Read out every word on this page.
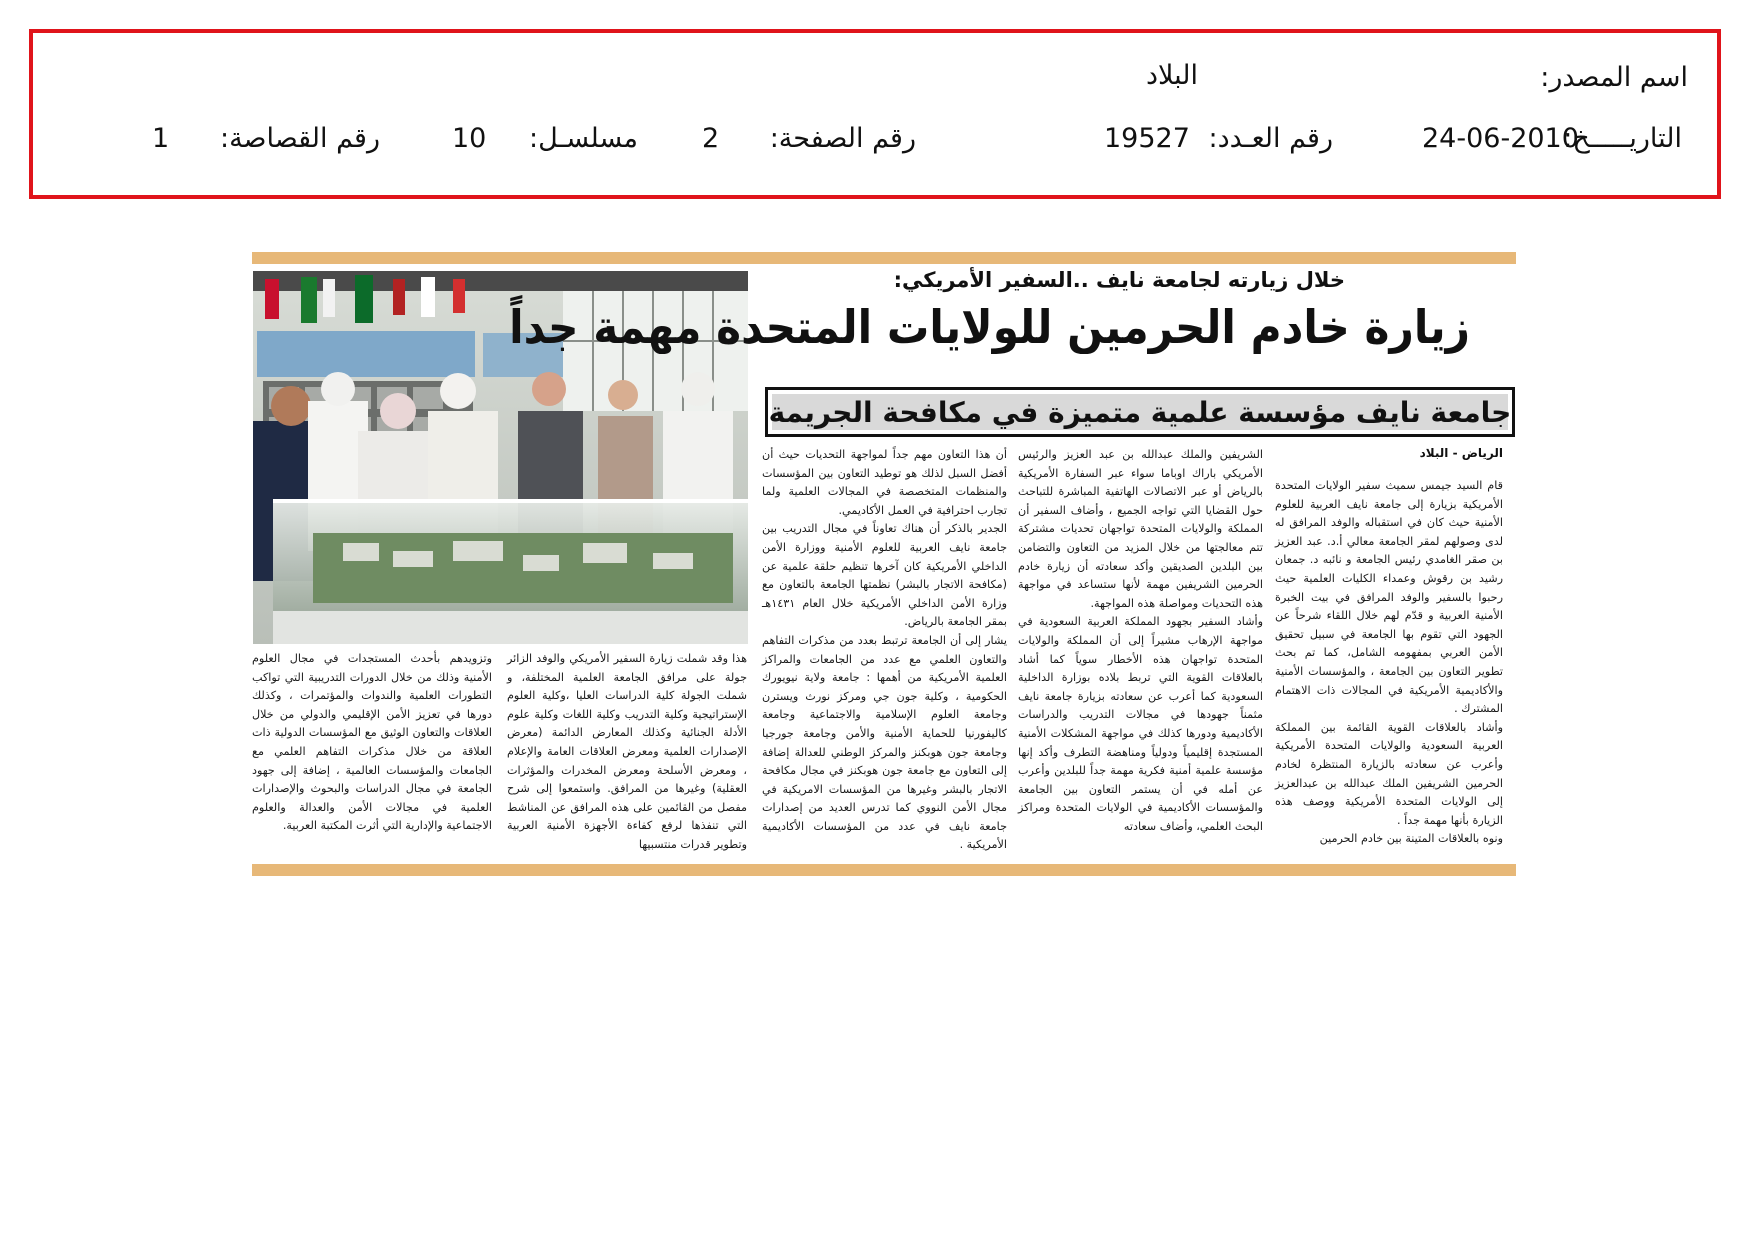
اسم المصدر:
البلاد
التاريـــــخ:
24-06-2010
رقم العـدد:
19527
رقم الصفحة:
2
مسلسـل:
10
رقم القصاصة:
1
خلال زيارته لجامعة نايف ..السفير الأمريكي:
زيارة خادم الحرمين للولايات المتحدة مهمة جداً
جامعة نايف مؤسسة علمية متميزة في مكافحة الجريمة
الرياض - البلاد

قام السيد جيمس سميث سفير الولايات المتحدة الأمريكية بزيارة إلى جامعة نايف العربية للعلوم الأمنية حيث كان في استقباله والوفد المرافق له لدى وصولهم لمقر الجامعة معالي أ.د. عبد العزيز بن صقر الغامدي رئيس الجامعة و نائبه د. جمعان رشيد بن رقوش وعمداء الكليات العلمية حيث رحبوا بالسفير والوفد المرافق في بيت الخبرة الأمنية العربية و قدّم لهم خلال اللقاء شرحاً عن الجهود التي تقوم بها الجامعة في سبيل تحقيق الأمن العربي بمفهومه الشامل، كما تم بحث تطوير التعاون بين الجامعة ، والمؤسسات الأمنية والأكاديمية الأمريكية في المجالات ذات الاهتمام المشترك .

وأشاد بالعلاقات القوية القائمة بين المملكة العربية السعودية والولايات المتحدة الأمريكية وأعرب عن سعادته بالزيارة المنتظرة لخادم الحرمين الشريفين الملك عبدالله بن عبدالعزيز إلى الولايات المتحدة الأمريكية ووصف هذه الزيارة بأنها مهمة جداً .

ونوه بالعلاقات المتينة بين خادم الحرمين

الشريفين والملك عبدالله بن عبد العزيز والرئيس الأمريكي باراك اوباما سواء عبر السفارة الأمريكية بالرياض أو عبر الاتصالات الهاتفية المباشرة للتباحث حول القضايا التي تواجه الجميع ، وأضاف السفير أن المملكة والولايات المتحدة تواجهان تحديات مشتركة تتم معالجتها من خلال المزيد من التعاون والتضامن بين البلدين الصديقين وأكد سعادته أن زيارة خادم الحرمين الشريفين مهمة لأنها ستساعد في مواجهة هذه التحديات ومواصلة هذه المواجهة.

وأشاد السفير بجهود المملكة العربية السعودية في مواجهة الإرهاب مشيراً إلى أن المملكة والولايات المتحدة تواجهان هذه الأخطار سوياً كما أشاد بالعلاقات القوية التي تربط بلاده بوزارة الداخلية السعودية كما أعرب عن سعادته بزيارة جامعة نايف مثمناً جهودها في مجالات التدريب والدراسات الأكاديمية ودورها كذلك في مواجهة المشكلات الأمنية المستجدة إقليمياً ودولياً ومناهضة التطرف وأكد إنها مؤسسة علمية أمنية فكرية مهمة جداً للبلدين وأعرب عن أمله في أن يستمر التعاون بين الجامعة والمؤسسات الأكاديمية في الولايات المتحدة ومراكز البحث العلمي، وأضاف سعادته

أن هذا التعاون مهم جداً لمواجهة التحديات حيث أن أفضل السبل لذلك هو توطيد التعاون بين المؤسسات والمنظمات المتخصصة في المجالات العلمية ولما تجارب احترافية في العمل الأكاديمي.

الجدير بالذكر أن هناك تعاوناً في مجال التدريب بين جامعة نايف العربية للعلوم الأمنية ووزارة الأمن الداخلي الأمريكية كان آخرها تنظيم حلقة علمية عن (مكافحة الاتجار بالبشر) نظمتها الجامعة بالتعاون مع وزارة الأمن الداخلي الأمريكية خلال العام ١٤٣١هـ بمقر الجامعة بالرياض.

يشار إلى أن الجامعة ترتبط بعدد من مذكرات التفاهم والتعاون العلمي مع عدد من الجامعات والمراكز العلمية الأمريكية من أهمها : جامعة ولاية نيويورك الحكومية ، وكلية جون جي ومركز نورث ويسترن وجامعة العلوم الإسلامية والاجتماعية وجامعة كاليفورنيا للحماية الأمنية والأمن وجامعة جورجيا وجامعة جون هوبكنز والمركز الوطني للعدالة إضافة إلى التعاون مع جامعة جون هوبكنز في مجال مكافحة الاتجار بالبشر وغيرها من المؤسسات الامريكية في مجال الأمن النووي كما تدرس العديد من إصدارات جامعة نايف في عدد من المؤسسات الأكاديمية الأمريكية .

هذا وقد شملت زيارة السفير الأمريكي والوفد الزائر جولة على مرافق الجامعة العلمية المختلفة، و شملت الجولة كلية الدراسات العليا ،وكلية العلوم الإستراتيجية وكلية التدريب وكلية اللغات وكلية علوم الأدلة الجنائية وكذلك المعارض الدائمة (معرض الإصدارات العلمية ومعرض العلاقات العامة والإعلام ، ومعرض الأسلحة ومعرض المخدرات والمؤثرات العقلية) وغيرها من المرافق. واستمعوا إلى شرح مفصل من القائمين على هذه المرافق عن المناشط التي تنفذها لرفع كفاءة الأجهزة الأمنية العربية وتطوير قدرات منتسبيها

وتزويدهم بأحدث المستجدات في مجال العلوم الأمنية وذلك من خلال الدورات التدريبية التي تواكب التطورات العلمية والندوات والمؤتمرات ، وكذلك دورها في تعزيز الأمن الإقليمي والدولي من خلال العلاقات والتعاون الوثيق مع المؤسسات الدولية ذات العلاقة من خلال مذكرات التفاهم العلمي مع الجامعات والمؤسسات العالمية ، إضافة إلى جهود الجامعة في مجال الدراسات والبحوث والإصدارات العلمية في مجالات الأمن والعدالة والعلوم الاجتماعية والإدارية التي أثرت المكتبة العربية.
